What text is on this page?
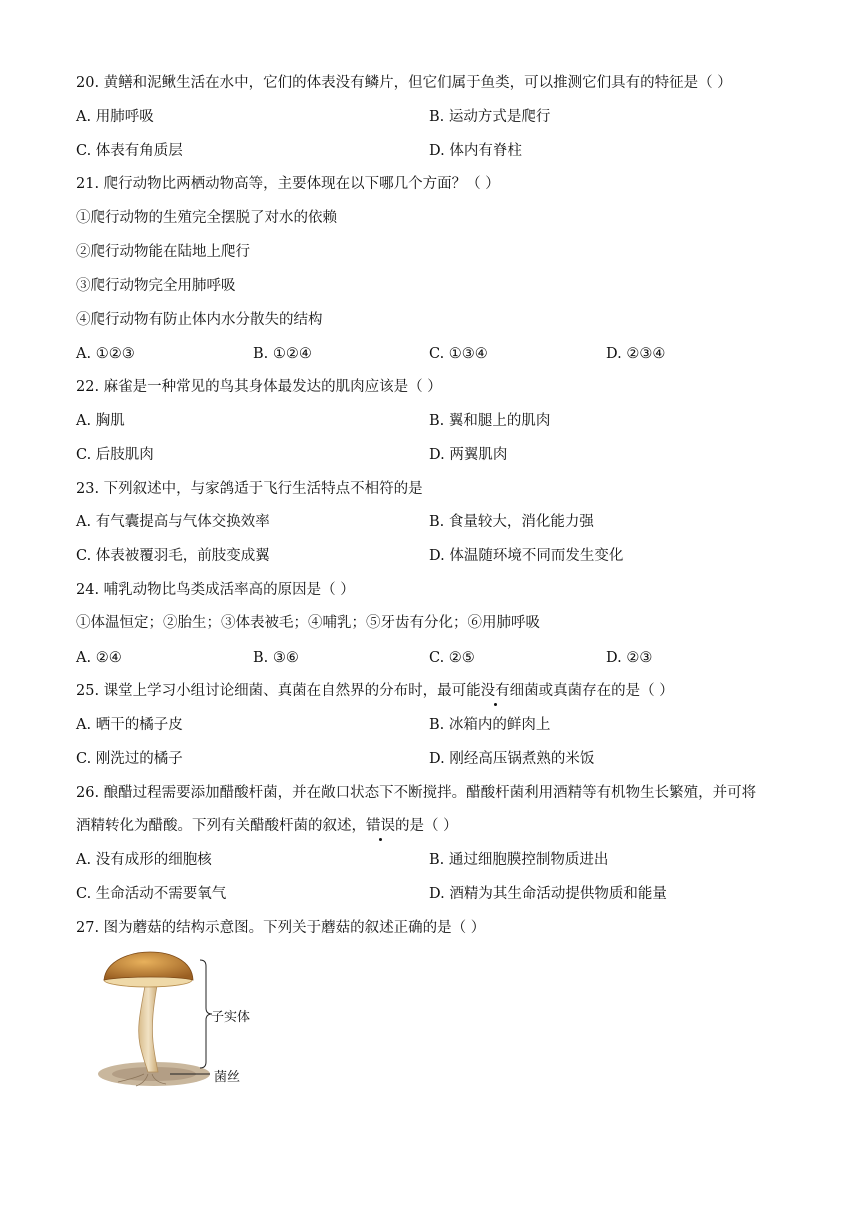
20. 黄鳝和泥鳅生活在水中，它们的体表没有鳞片，但它们属于鱼类，可以推测它们具有的特征是（ ）
A. 用肺呼吸	B. 运动方式是爬行
C. 体表有角质层	D. 体内有脊柱
21. 爬行动物比两栖动物高等，主要体现在以下哪几个方面？（ ）
①爬行动物的生殖完全摆脱了对水的依赖
②爬行动物能在陆地上爬行
③爬行动物完全用肺呼吸
④爬行动物有防止体内水分散失的结构
A. ①②③	B. ①②④	C. ①③④	D. ②③④
22. 麻雀是一种常见的鸟其身体最发达的肌肉应该是（ ）
A. 胸肌	B. 翼和腿上的肌肉
C. 后肢肌肉	D. 两翼肌肉
23. 下列叙述中，与家鸽适于飞行生活特点不相符的是
A. 有气囊提高与气体交换效率	B. 食量较大，消化能力强
C. 体表被覆羽毛，前肢变成翼	D. 体温随环境不同而发生变化
24. 哺乳动物比鸟类成活率高的原因是（ ）
①体温恒定；②胎生；③体表被毛；④哺乳；⑤牙齿有分化；⑥用肺呼吸
A. ②④	B. ③⑥	C. ②⑤	D. ②③
25. 课堂上学习小组讨论细菌、真菌在自然界的分布时，最可能没有细菌或真菌存在的是（ ）
A. 晒干的橘子皮	B. 冰箱内的鲜肉上
C. 刚洗过的橘子	D. 刚经高压锅煮熟的米饭
26. 酿醋过程需要添加醋酸杆菌，并在敞口状态下不断搅拌。醋酸杆菌利用酒精等有机物生长繁殖，并可将
酒精转化为醋酸。下列有关醋酸杆菌的叙述，错误的是（ ）
A. 没有成形的细胞核	B. 通过细胞膜控制物质进出
C. 生命活动不需要氧气	D. 酒精为其生命活动提供物质和能量
27. 图为蘑菇的结构示意图。下列关于蘑菇的叙述正确的是（ ）
子实体
菌丝
